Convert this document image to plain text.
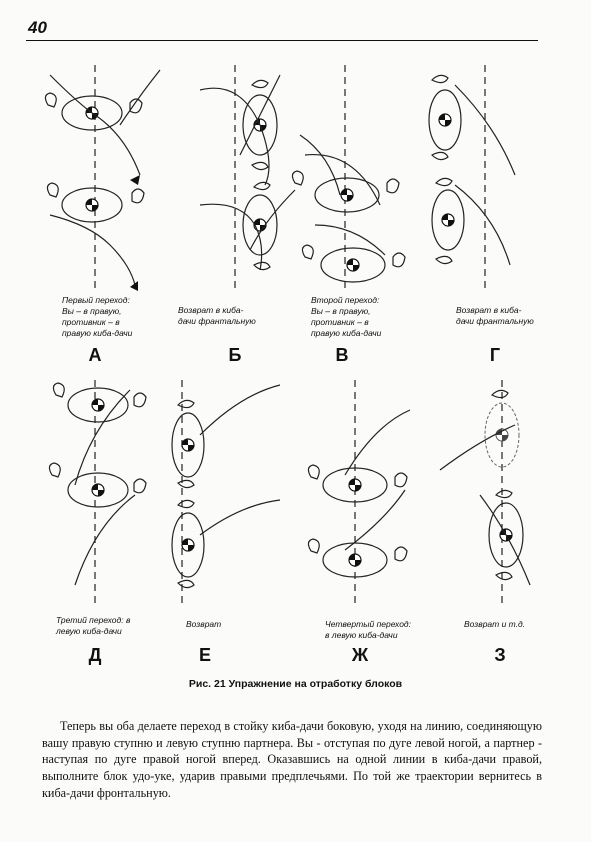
40
Первый переход:
Вы – в правую,
противник – в
правую киба-дачи
А
Возврат в киба-
дачи франтальную
Б
Второй переход:
Вы – в правую,
противник – в
правую киба-дачи
В
Возврат в киба-
дачи франтальную
Г
Третий переход: в
левую киба-дачи
Д
Возврат
Е
Четвертый переход:
в левую киба-дачи
Ж
Возврат и т.д.
З
Рис. 21 Упражнение на отработку блоков

Теперь вы оба делаете переход в стойку киба-дачи боковую, уходя на линию, соединяющую вашу правую ступню и левую ступню партнера. Вы - отступая по дуге левой ногой, а партнер - наступая по дуге правой ногой вперед. Оказавшись на одной линии в киба-дачи правой, выполните блок удо-уке, ударив правыми предплечьями. По той же траектории вернитесь в киба-дачи фронтальную.
